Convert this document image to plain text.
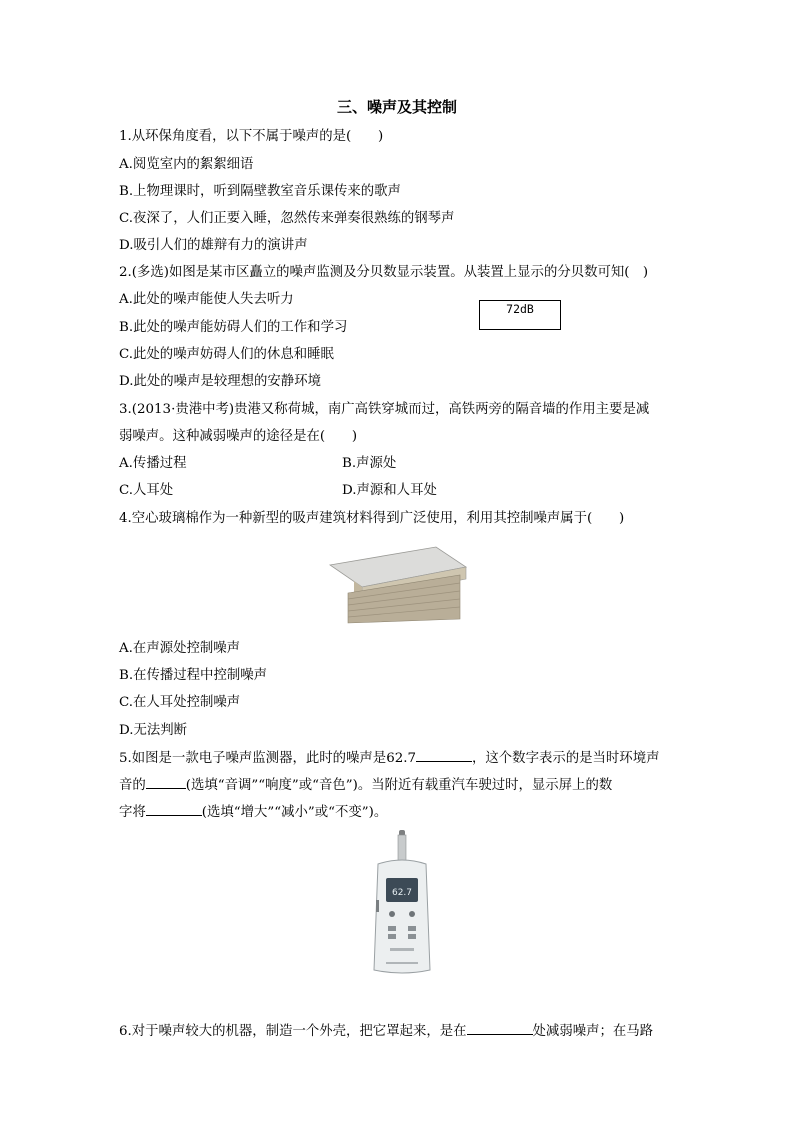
三、噪声及其控制
1.从环保角度看，以下不属于噪声的是(　　)
A.阅览室内的絮絮细语
B.上物理课时，听到隔壁教室音乐课传来的歌声
C.夜深了，人们正要入睡，忽然传来弹奏很熟练的钢琴声
D.吸引人们的雄辩有力的演讲声
2.(多选)如图是某市区矗立的噪声监测及分贝数显示装置。从装置上显示的分贝数可知(　)
A.此处的噪声能使人失去听力
B.此处的噪声能妨碍人们的工作和学习
C.此处的噪声妨碍人们的休息和睡眠
D.此处的噪声是较理想的安静环境
72dB
3.(2013·贵港中考)贵港又称荷城，南广高铁穿城而过，高铁两旁的隔音墙的作用主要是减
弱噪声。这种减弱噪声的途径是在(　　)
A.传播过程	B.声源处
C.人耳处	D.声源和人耳处
4.空心玻璃棉作为一种新型的吸声建筑材料得到广泛使用，利用其控制噪声属于(　　)
A.在声源处控制噪声
B.在传播过程中控制噪声
C.在人耳处控制噪声
D.无法判断
5.如图是一款电子噪声监测器，此时的噪声是62.7	，这个数字表示的是当时环境声
音的	(选填“音调”“响度”或“音色”)。当附近有载重汽车驶过时，显示屏上的数
字将	(选填“增大”“减小”或“不变”)。
62.7
6.对于噪声较大的机器，制造一个外壳，把它罩起来，是在	处减弱噪声；在马路
